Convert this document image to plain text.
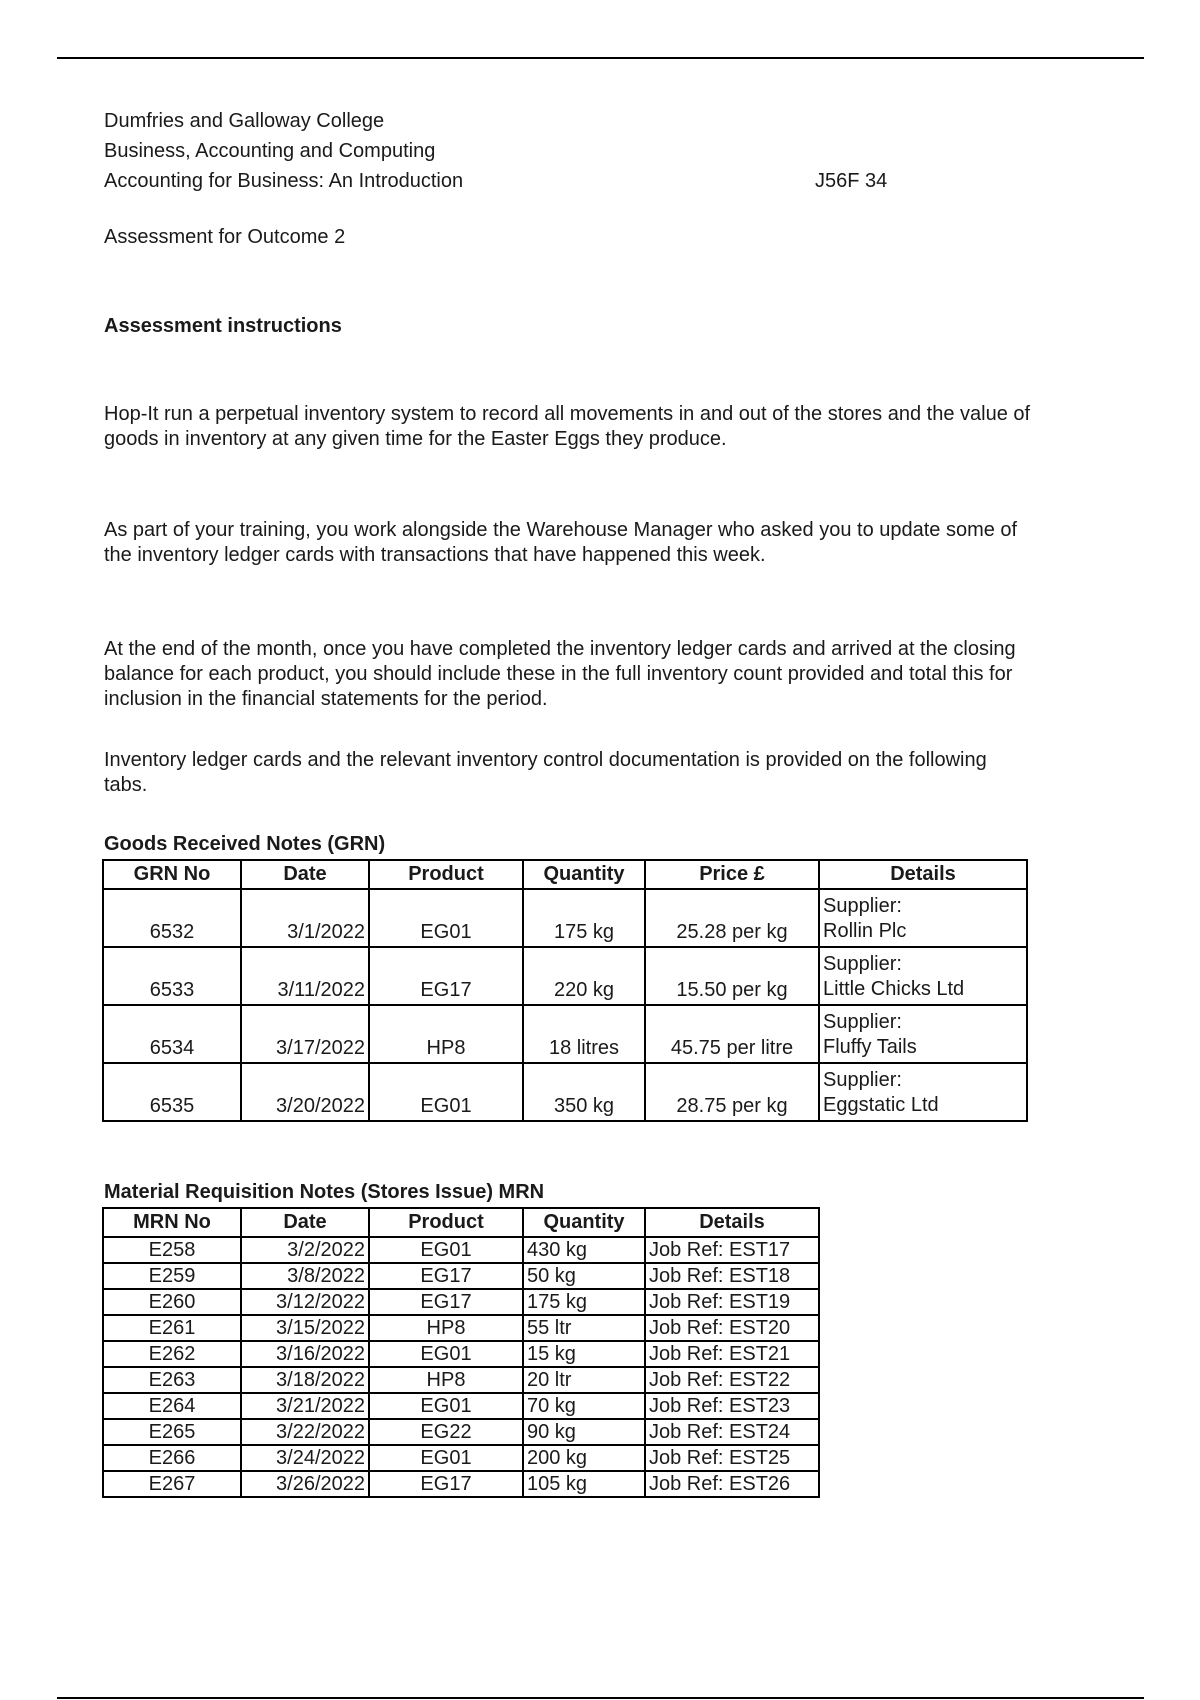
Dumfries and Galloway College
Business, Accounting and Computing
Accounting for Business: An Introduction	J56F 34
Assessment for Outcome 2
Assessment instructions
Hop-It run a perpetual inventory system to record all movements in and out of the stores and the value of goods in inventory at any given time for the Easter Eggs they produce.
As part of your training, you work alongside the Warehouse Manager who asked you to update some of the inventory ledger cards with transactions that have happened this week.
At the end of the month, once you have completed the inventory ledger cards and arrived at the closing balance for each product, you should include these in the full inventory count provided and total this for inclusion in the financial statements for the period.
Inventory ledger cards and the relevant inventory control documentation is provided on the following tabs.
Goods Received Notes (GRN)
GRN No	Date	Product	Quantity	Price £	Details
6532	3/1/2022	EG01	175 kg	25.28 per kg	Supplier:
Rollin Plc

6533	3/11/2022	EG17	220 kg	15.50 per kg	Supplier:
Little Chicks Ltd

6534	3/17/2022	HP8	18 litres	45.75 per litre	Supplier:
Fluffy Tails

6535	3/20/2022	EG01	350 kg	28.75 per kg	Supplier:
Eggstatic Ltd
Material Requisition Notes (Stores Issue) MRN
MRN No	Date	Product	Quantity	Details
E258	3/2/2022	EG01	430 kg	Job Ref: EST17
E259	3/8/2022	EG17	50 kg	Job Ref: EST18
E260	3/12/2022	EG17	175 kg	Job Ref: EST19
E261	3/15/2022	HP8	55 ltr	Job Ref: EST20
E262	3/16/2022	EG01	15 kg	Job Ref: EST21
E263	3/18/2022	HP8	20 ltr	Job Ref: EST22
E264	3/21/2022	EG01	70 kg	Job Ref: EST23
E265	3/22/2022	EG22	90 kg	Job Ref: EST24
E266	3/24/2022	EG01	200 kg	Job Ref: EST25
E267	3/26/2022	EG17	105 kg	Job Ref: EST26
